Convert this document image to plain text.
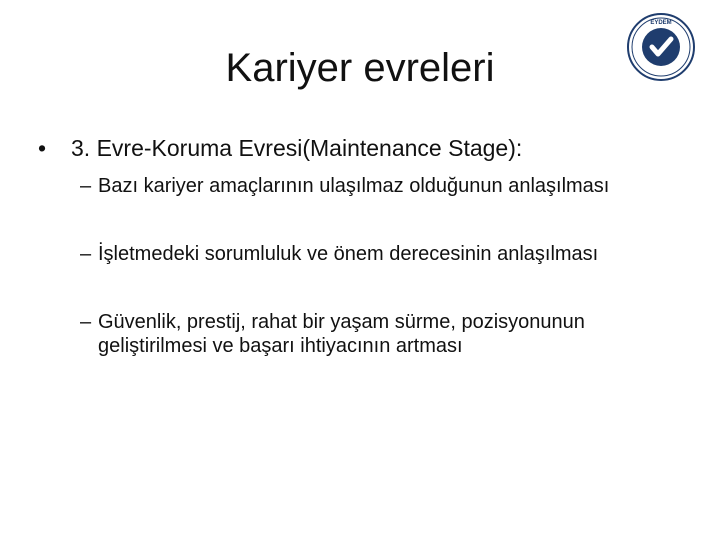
Kariyer evreleri
EYDEM
• 3. Evre-Koruma Evresi(Maintenance Stage):
– Bazı kariyer amaçlarının ulaşılmaz olduğunun anlaşılması
– İşletmedeki sorumluluk ve önem derecesinin anlaşılması
– Güvenlik, prestij, rahat bir yaşam sürme, pozisyonunun geliştirilmesi ve başarı ihtiyacının artması
